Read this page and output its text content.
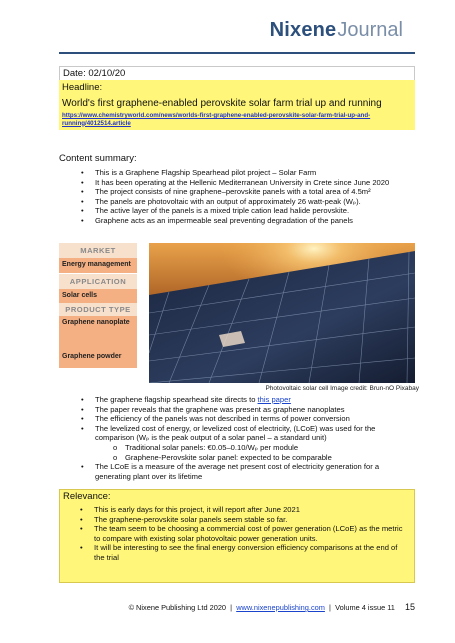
NixeneJournal
Date: 02/10/20
Headline:
World's first graphene-enabled perovskite solar farm trial up and running
https://www.chemistryworld.com/news/worlds-first-graphene-enabled-perovskite-solar-farm-trial-up-and-running/4012514.article
Content summary:
• This is a Graphene Flagship Spearhead pilot project – Solar Farm
• It has been operating at the Hellenic Mediterranean University in Crete since June 2020
• The project consists of nine graphene–perovskite panels with a total area of 4.5m²
• The panels are photovoltaic with an output of approximately 26 watt-peak (Wₚ).
• The active layer of the panels is a mixed triple cation lead halide perovskite.
• Graphene acts as an impermeable seal preventing degradation of the panels
MARKET
Energy management
APPLICATION
Solar cells
PRODUCT TYPE
Graphene nanoplate
Graphene powder
Photovoltaic solar cell Image credit: Brun-nO Pixabay
• The graphene flagship spearhead site directs to this paper
• The paper reveals that the graphene was present as graphene nanoplates
• The efficiency of the panels was not described in terms of power conversion
• The levelized cost of energy, or levelized cost of electricity, (LCoE) was used for the comparison (Wₚ is the peak output of a solar panel – a standard unit)
o Traditional solar panels: €0.05–0.10/Wₚ per module
o Graphene-Perovskite solar panel: expected to be comparable
• The LCoE is a measure of the average net present cost of electricity generation for a generating plant over its lifetime
Relevance:
• This is early days for this project, it will report after June 2021
• The graphene-perovskite solar panels seem stable so far.
• The team seem to be choosing a commercial cost of power generation (LCoE) as the metric to compare with existing solar photovoltaic power generation units.
• It will be interesting to see the final energy conversion efficiency comparisons at the end of the trial
© Nixene Publishing Ltd 2020 | www.nixenepublishing.com | Volume 4 issue 11 15
